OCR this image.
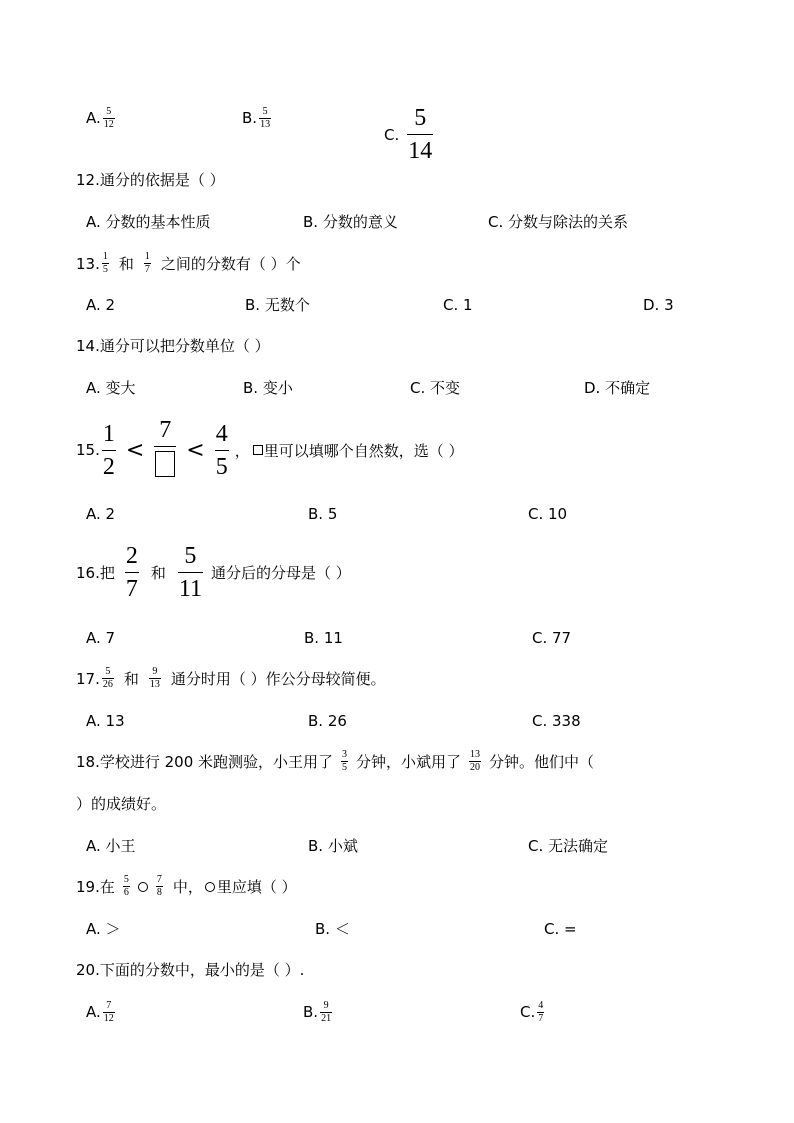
A. $\frac{5}{12}$	B. $\frac{5}{13}$
C. $\frac{5}{14}$
12.通分的依据是（ ）
A. 分数的基本性质	B. 分数的意义	C. 分数与除法的关系
13. $\frac{1}{5}$ 和 $\frac{1}{7}$ 之间的分数有（ ）个
A. 2	B. 无数个	C. 1	D. 3
14.通分可以把分数单位（ ）
A. 变大	B. 变小	C. 不变	D. 不确定
15. $\frac{1}{2}$ <
7
< $\frac{4}{5}$ ， 里可以填哪个自然数，选（ ）
A. 2	B. 5	C. 10
16.把 $\frac{2}{7}$ 和 $\frac{5}{11}$ 通分后的分母是（ ）
A. 7	B. 11	C. 77
17. $\frac{5}{26}$ 和 $\frac{9}{13}$ 通分时用（ ）作公分母较简便。
A. 13	B. 26	C. 338
18.学校进行 200 米跑测验，小王用了 $\frac{3}{5}$ 分钟，小斌用了 $\frac{13}{20}$ 分钟。他们中（
）的成绩好。
A. 小王	B. 小斌	C. 无法确定
19.在 $\frac{5}{6}$	$\frac{7}{8}$ 中， 里应填（ ）
A. ＞	B. ＜	C. =
20.下面的分数中，最小的是（ ）.
A. $\frac{7}{12}$	B. $\frac{9}{21}$	C. $\frac{4}{7}$
